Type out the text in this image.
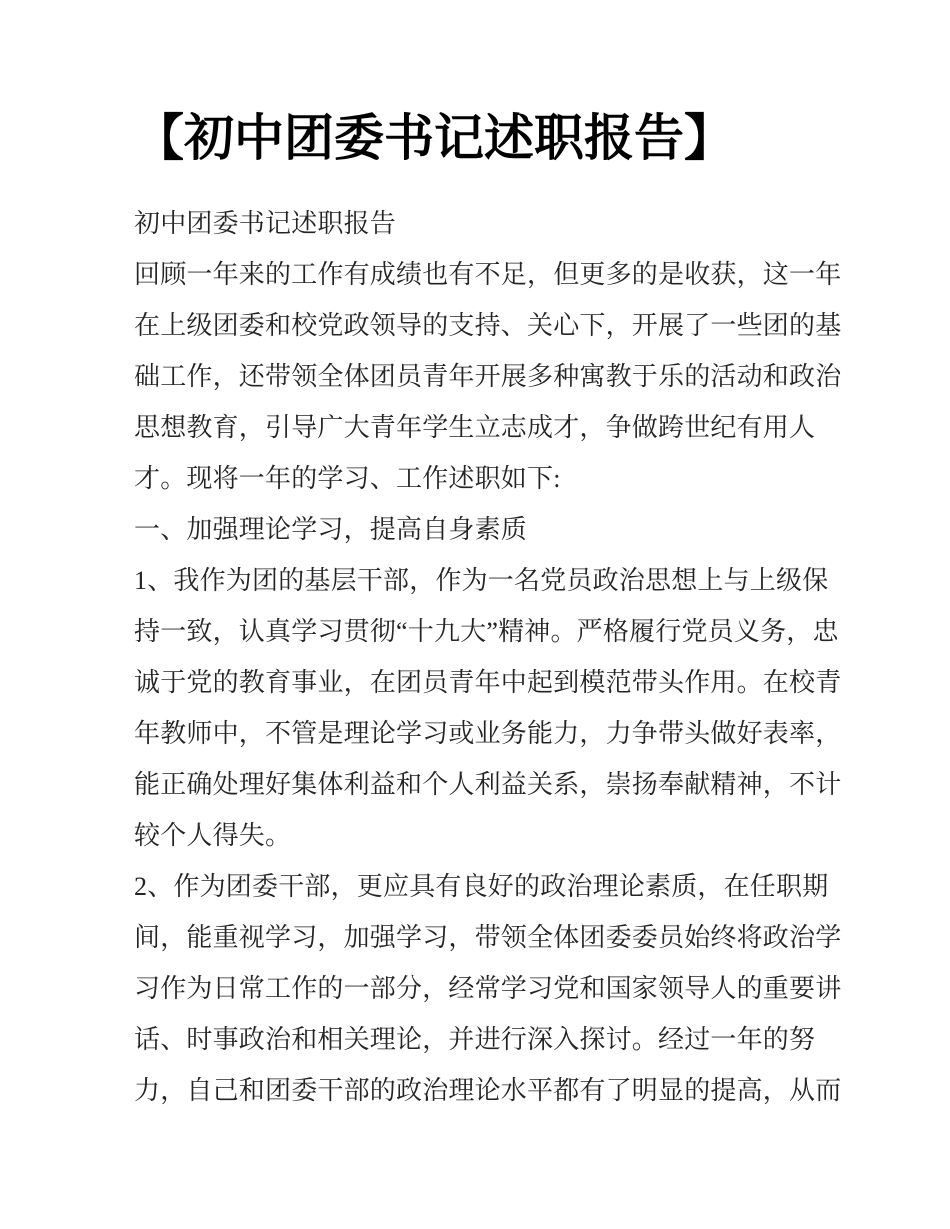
【初中团委书记述职报告】
初中团委书记述职报告
回顾一年来的工作有成绩也有不足，但更多的是收获，这一年
在上级团委和校党政领导的支持、关心下，开展了一些团的基
础工作，还带领全体团员青年开展多种寓教于乐的活动和政治
思想教育，引导广大青年学生立志成才，争做跨世纪有用人
才。现将一年的学习、工作述职如下:
一、加强理论学习，提高自身素质
1、我作为团的基层干部，作为一名党员政治思想上与上级保
持一致，认真学习贯彻“十九大”精神。严格履行党员义务，忠
诚于党的教育事业，在团员青年中起到模范带头作用。在校青
年教师中，不管是理论学习或业务能力，力争带头做好表率，
能正确处理好集体利益和个人利益关系，崇扬奉献精神，不计
较个人得失。
2、作为团委干部，更应具有良好的政治理论素质，在任职期
间，能重视学习，加强学习，带领全体团委委员始终将政治学
习作为日常工作的一部分，经常学习党和国家领导人的重要讲
话、时事政治和相关理论，并进行深入探讨。经过一年的努
力，自己和团委干部的政治理论水平都有了明显的提高，从而
